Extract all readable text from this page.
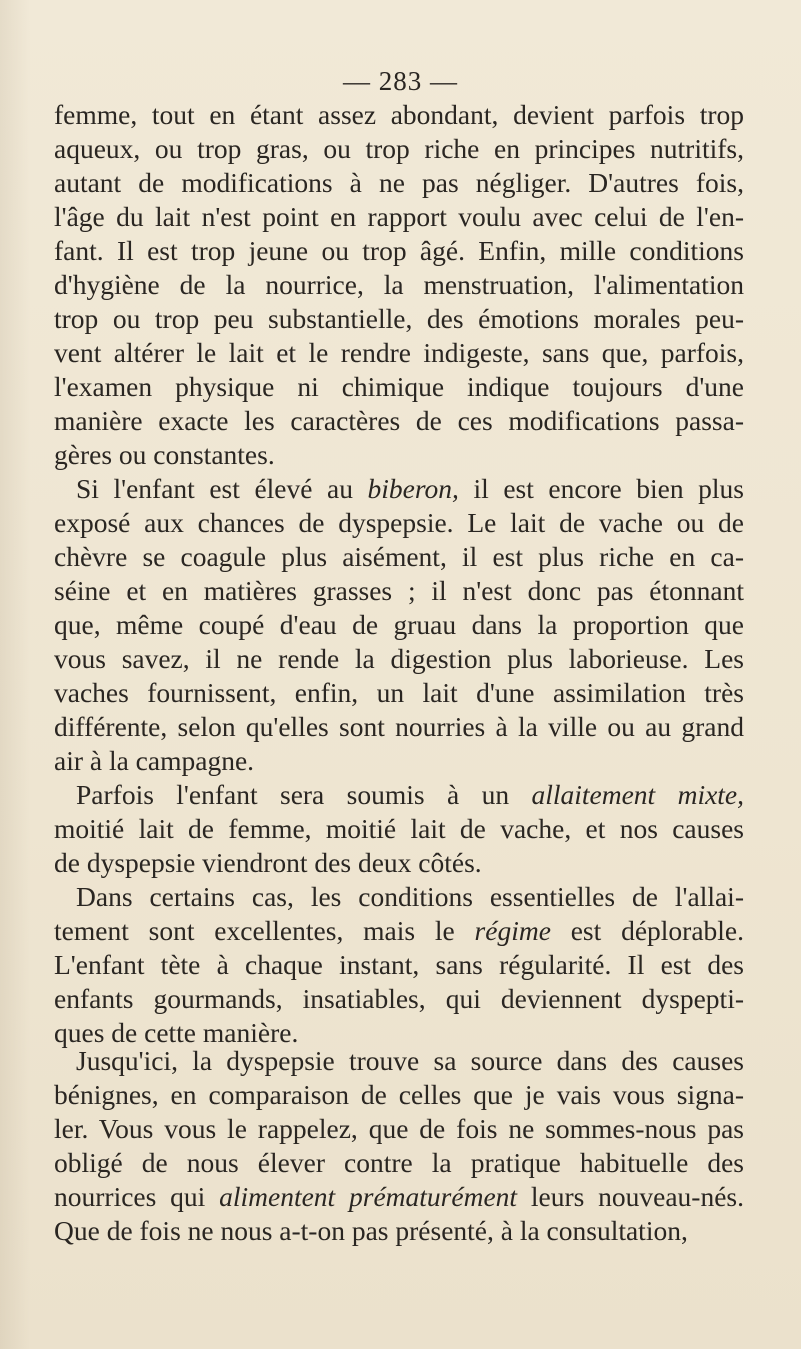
— 283 —
femme, tout en étant assez abondant, devient parfois trop
aqueux, ou trop gras, ou trop riche en principes nutritifs,
autant de modifications à ne pas négliger. D'autres fois,
l'âge du lait n'est point en rapport voulu avec celui de l'en-
fant. Il est trop jeune ou trop âgé. Enfin, mille conditions
d'hygiène de la nourrice, la menstruation, l'alimentation
trop ou trop peu substantielle, des émotions morales peu-
vent altérer le lait et le rendre indigeste, sans que, parfois,
l'examen physique ni chimique indique toujours d'une
manière exacte les caractères de ces modifications passa-
gères ou constantes.
Si l'enfant est élevé au biberon, il est encore bien plus
exposé aux chances de dyspepsie. Le lait de vache ou de
chèvre se coagule plus aisément, il est plus riche en ca-
séine et en matières grasses ; il n'est donc pas étonnant
que, même coupé d'eau de gruau dans la proportion que
vous savez, il ne rende la digestion plus laborieuse. Les
vaches fournissent, enfin, un lait d'une assimilation très
différente, selon qu'elles sont nourries à la ville ou au grand
air à la campagne.
Parfois l'enfant sera soumis à un allaitement mixte,
moitié lait de femme, moitié lait de vache, et nos causes
de dyspepsie viendront des deux côtés.
Dans certains cas, les conditions essentielles de l'allai-
tement sont excellentes, mais le régime est déplorable.
L'enfant tète à chaque instant, sans régularité. Il est des
enfants gourmands, insatiables, qui deviennent dyspepti-
ques de cette manière.
Jusqu'ici, la dyspepsie trouve sa source dans des causes
bénignes, en comparaison de celles que je vais vous signa-
ler. Vous vous le rappelez, que de fois ne sommes-nous pas
obligé de nous élever contre la pratique habituelle des
nourrices qui alimentent prématurément leurs nouveau-nés.
Que de fois ne nous a-t-on pas présenté, à la consultation,
